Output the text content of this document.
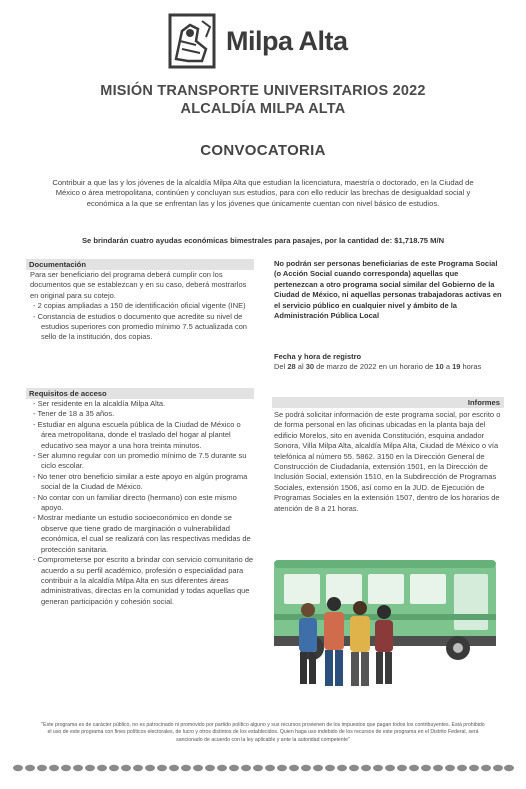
Milpa Alta
MISIÓN TRANSPORTE UNIVERSITARIOS 2022
ALCALDÍA MILPA ALTA
CONVOCATORIA
Contribuir a que las y los jóvenes de la alcaldía Milpa Alta que estudian la licenciatura, maestría o doctorado, en la Ciudad de México o área metropolitana, continúen y concluyan sus estudios, para con ello reducir las brechas de desigualdad social y económica a la que se enfrentan las y los jóvenes que únicamente cuentan con nivel básico de estudios.
Se brindarán cuatro ayudas económicas bimestrales para pasajes, por la cantidad de: $1,718.75 M/N
Documentación

Para ser beneficiario del programa deberá cumplir con los documentos que se establezcan y en su caso, deberá mostrarlos en original para su cotejo.

- 2 copias ampliadas a 150 de identificación oficial vigente (INE)
- Constancia de estudios o documento que acredite su nivel de estudios superiores con promedio mínimo 7.5 actualizada con sello de la institución, dos copias.
Requisitos de acceso
- Ser residente en la alcaldía Milpa Alta.
- Tener de 18 a 35 años.
- Estudiar en alguna escuela pública de la Ciudad de México o área metropolitana, donde el traslado del hogar al plantel educativo sea mayor a una hora treinta minutos.
- Ser alumno regular con un promedio mínimo de 7.5 durante su ciclo escolar.
- No tener otro beneficio similar a este apoyo en algún programa social de la Ciudad de México.
- No contar con un familiar directo (hermano) con este mismo apoyo.
- Mostrar mediante un estudio socioeconómico en donde se observe que tiene grado de marginación o vulnerabilidad económica, el cual se realizará con las respectivas medidas de protección sanitaria.
- Comprometerse por escrito a brindar con servicio comunitario de acuerdo a su perfil académico, profesión o especialidad para contribuir a la alcaldía Milpa Alta en sus diferentes áreas administrativas, directas en la comunidad y todas aquellas que generan participación y cohesión social.
No podrán ser personas beneficiarias de este Programa Social (o Acción Social cuando corresponda) aquellas que pertenezcan a otro programa social similar del Gobierno de la Ciudad de México, ni aquellas personas trabajadoras activas en el servicio público en cualquier nivel y ámbito de la Administración Pública Local

Fecha y hora de registro

Del 28 al 30 de marzo de 2022 en un horario de 10 a 19 horas

Informes
Se podrá solicitar información de este programa social, por escrito o de forma personal en las oficinas ubicadas en la planta baja del edificio Morelos, sito en avenida Constitución, esquina andador Sonora, Villa Milpa Alta, alcaldía Milpa Alta, Ciudad de México o vía telefónica al número 55. 5862. 3150 en la Dirección General de Construcción de Ciudadanía, extensión 1501, en la Dirección de Inclusión Social, extensión 1510, en la Subdirección de Programas Sociales, extensión 1506, así como en la JUD. de Ejecución de Programas Sociales en la extensión 1507, dentro de los horarios de atención de 8 a 21 horas.
"Este programa es de carácter público, no es patrocinado ni promovido por partido político alguno y sus recursos provienen de los impuestos que pagan todos los contribuyentes. Está prohibido el uso de este programa con fines políticos electorales, de lucro y otros distintos de los establecidos. Quien haga uso indebido de los recursos de este programa en el Distrito Federal, será sancionado de acuerdo con la ley aplicable y ante la autoridad competente"
